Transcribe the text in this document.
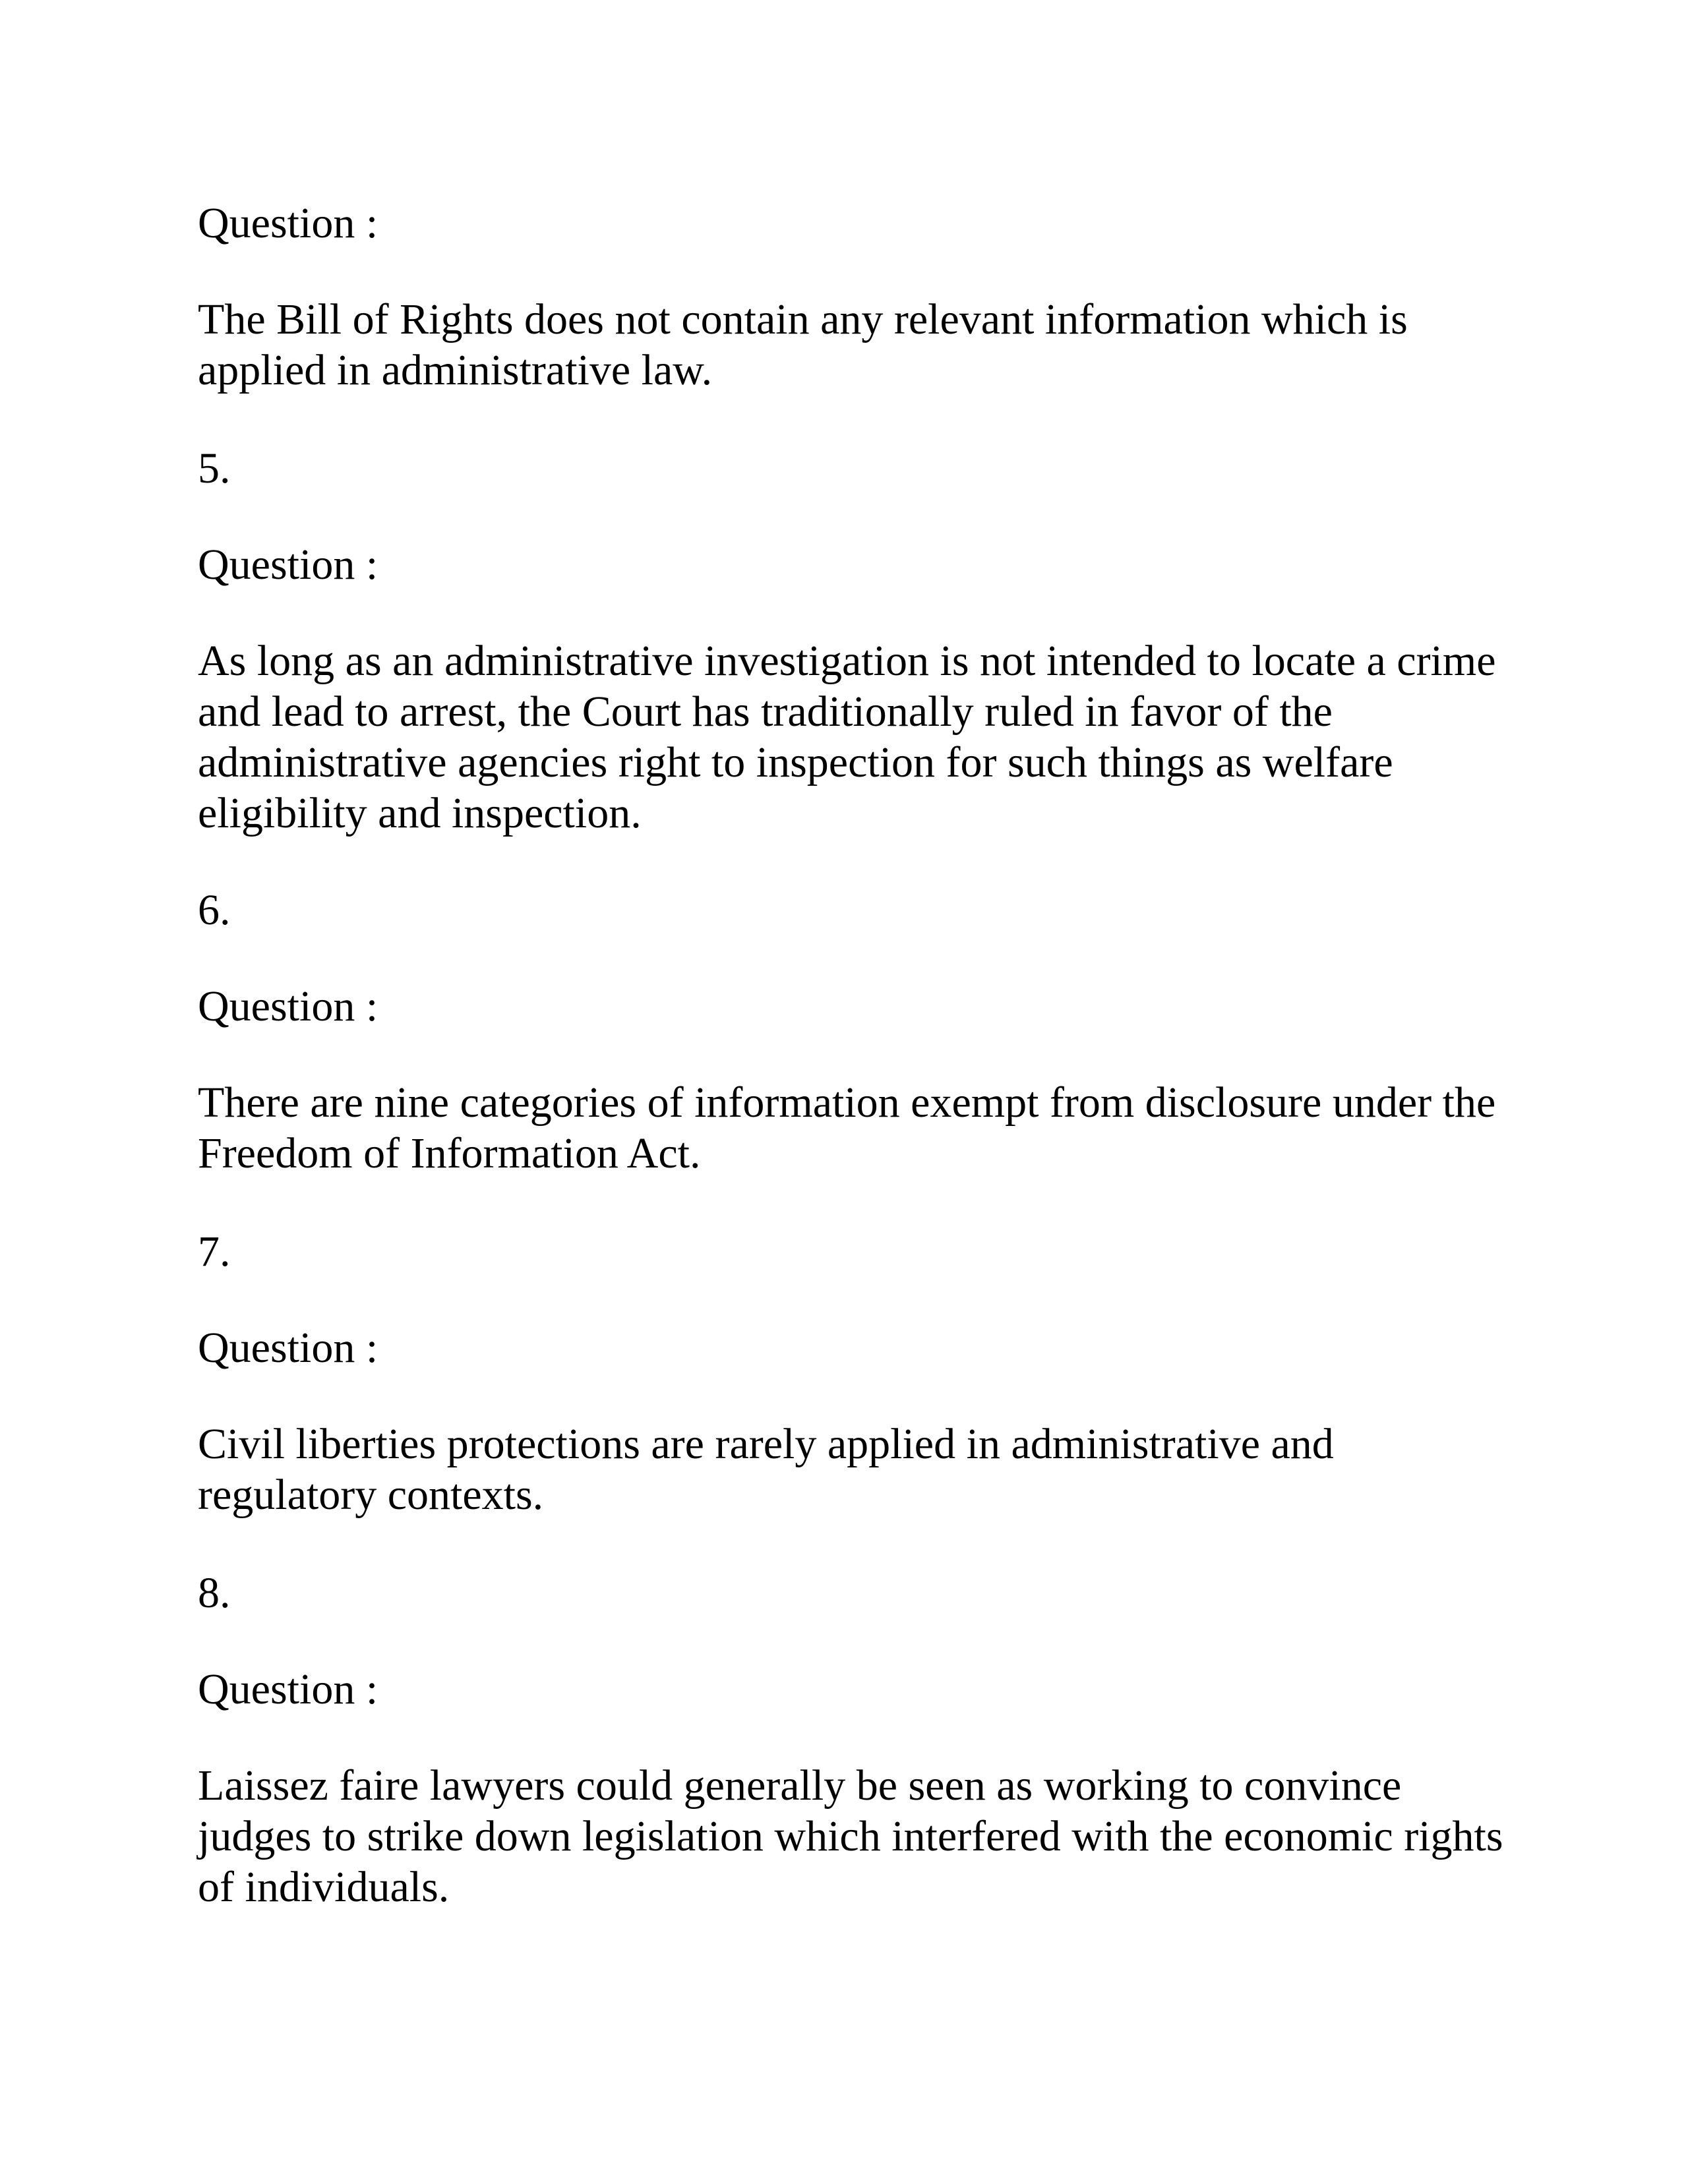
Question :

The Bill of Rights does not contain any relevant information which is applied in administrative law.

5.

Question :

As long as an administrative investigation is not intended to locate a crime and lead to arrest, the Court has traditionally ruled in favor of the administrative agencies right to inspection for such things as welfare eligibility and inspection.

6.

Question :

There are nine categories of information exempt from disclosure under the Freedom of Information Act.

7.

Question :

Civil liberties protections are rarely applied in administrative and regulatory contexts.

8.

Question :

Laissez faire lawyers could generally be seen as working to convince judges to strike down legislation which interfered with the economic rights of individuals.
